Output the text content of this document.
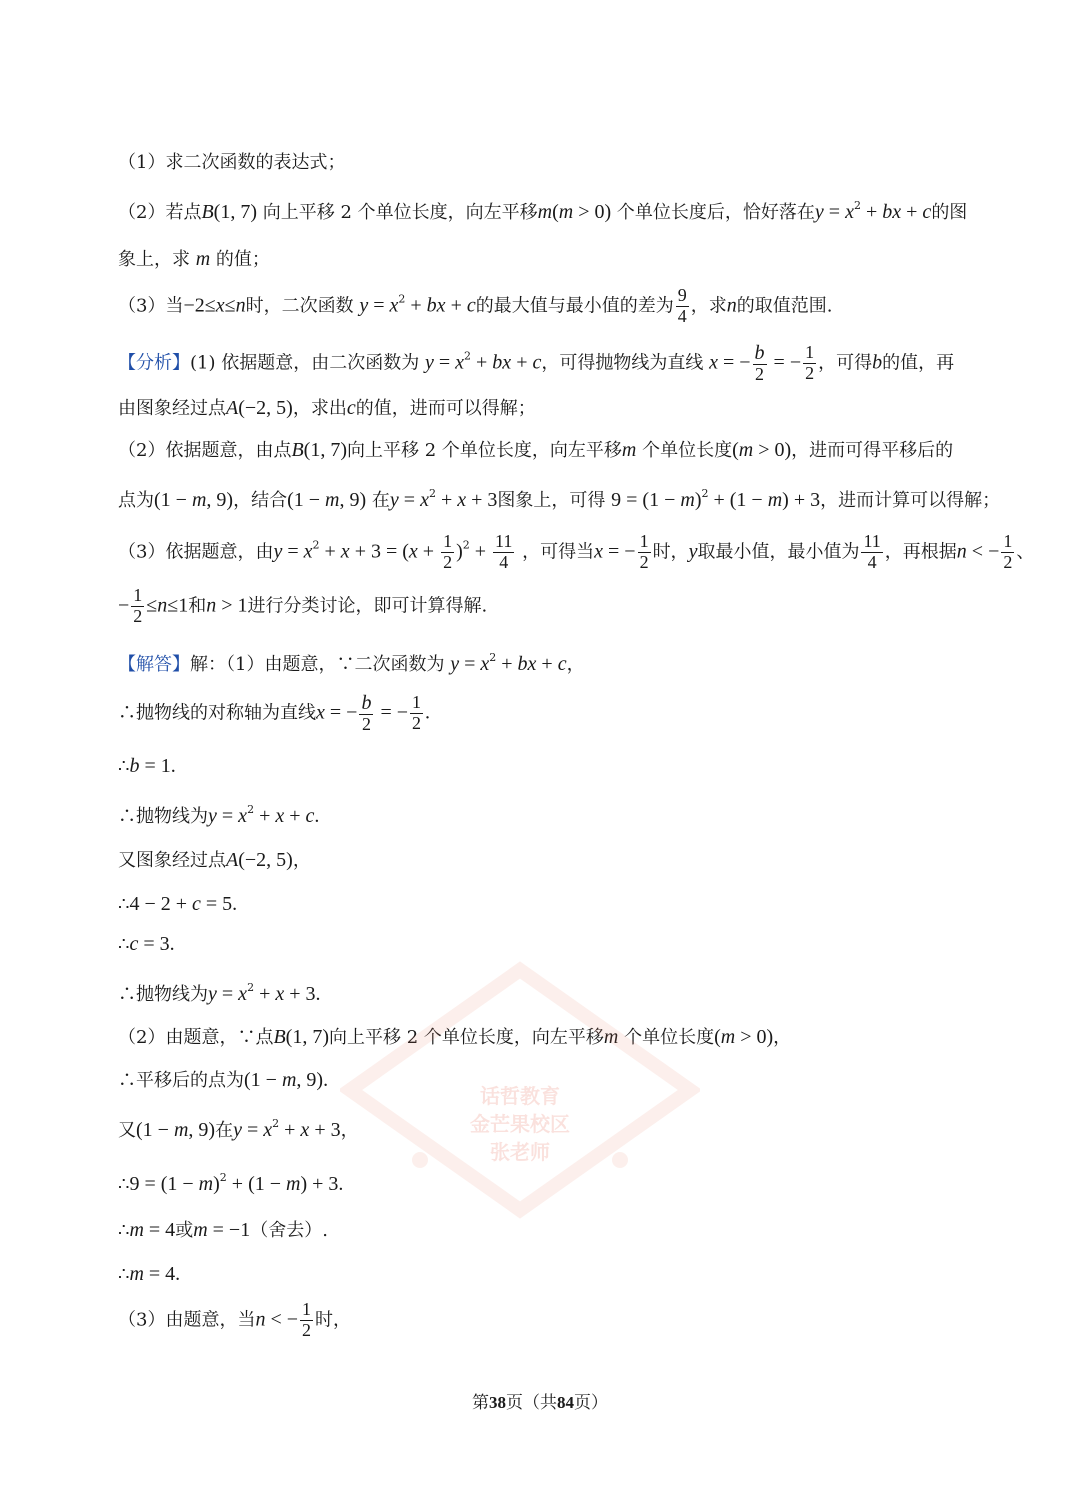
（1）求二次函数的表达式；
（2）若点B(1, 7) 向上平移 2 个单位长度，向左平移m(m > 0) 个单位长度后，恰好落在$y = x^2$ + bx + c的图
象上，求 m 的值；
（3）当−2≤x≤n时，二次函数 $y = x^2$ + bx + c的最大值与最小值的差为 $\frac{9}{4}$ ，求n的取值范围.
【分析】(1) 依据题意，由二次函数为 $y = x^2$ + bx + c，可得抛物线为直线 x = − $\frac{b}{2}$ = − $\frac{1}{2}$ ，可得b的值，再
由图象经过点A(−2, 5)，求出c的值，进而可以得解；
（2）依据题意，由点B(1, 7)向上平移 2 个单位长度，向左平移m 个单位长度(m > 0)，进而可得平移后的
点为(1 − m, 9)，结合(1 − m, 9) 在$y = x^2 + x + 3$图象上，可得 $9 = (1 - m)^2 + (1 - m) + 3$，进而计算可以得解；
（3）依据题意，由$y = x^2 + x + 3 = (x + \frac{1}{2} )^2 + \frac{11}{4}$ ，可得当x = − $\frac{1}{2}$ 时，y取最小值，最小值为 $\frac{11}{4}$ ，再根据n < − $\frac{1}{2}$ 、
− $\frac{1}{2} \le n\le 1$和n > 1进行分类讨论，即可计算得解.
【解答】解：（1）由题意，∵二次函数为 $y = x^2$ + bx + c，
∴抛物线的对称轴为直线x = − $\frac{b}{2}$ = − $\frac{1}{2}$ .
∴b = 1.
∴抛物线为$y = x^2 + x + c$.
又图象经过点A(−2, 5)，
∴4 − 2 + c = 5.
∴c = 3.
∴抛物线为$y = x^2 + x + 3$.
（2）由题意，∵点B(1, 7)向上平移 2 个单位长度，向左平移m 个单位长度(m > 0)，
∴平移后的点为(1 − m, 9).
又(1 − m, 9)在$y = x^2 + x + 3$，
∴9 = $(1 - m)^2 + (1 - m) + 3$.
∴m = 4或m = −1（舍去）.
∴m = 4.
（3）由题意，当n < − $\frac{1}{2}$ 时，
话哲教育
金芒果校区
张老师
第38页（共84页）
